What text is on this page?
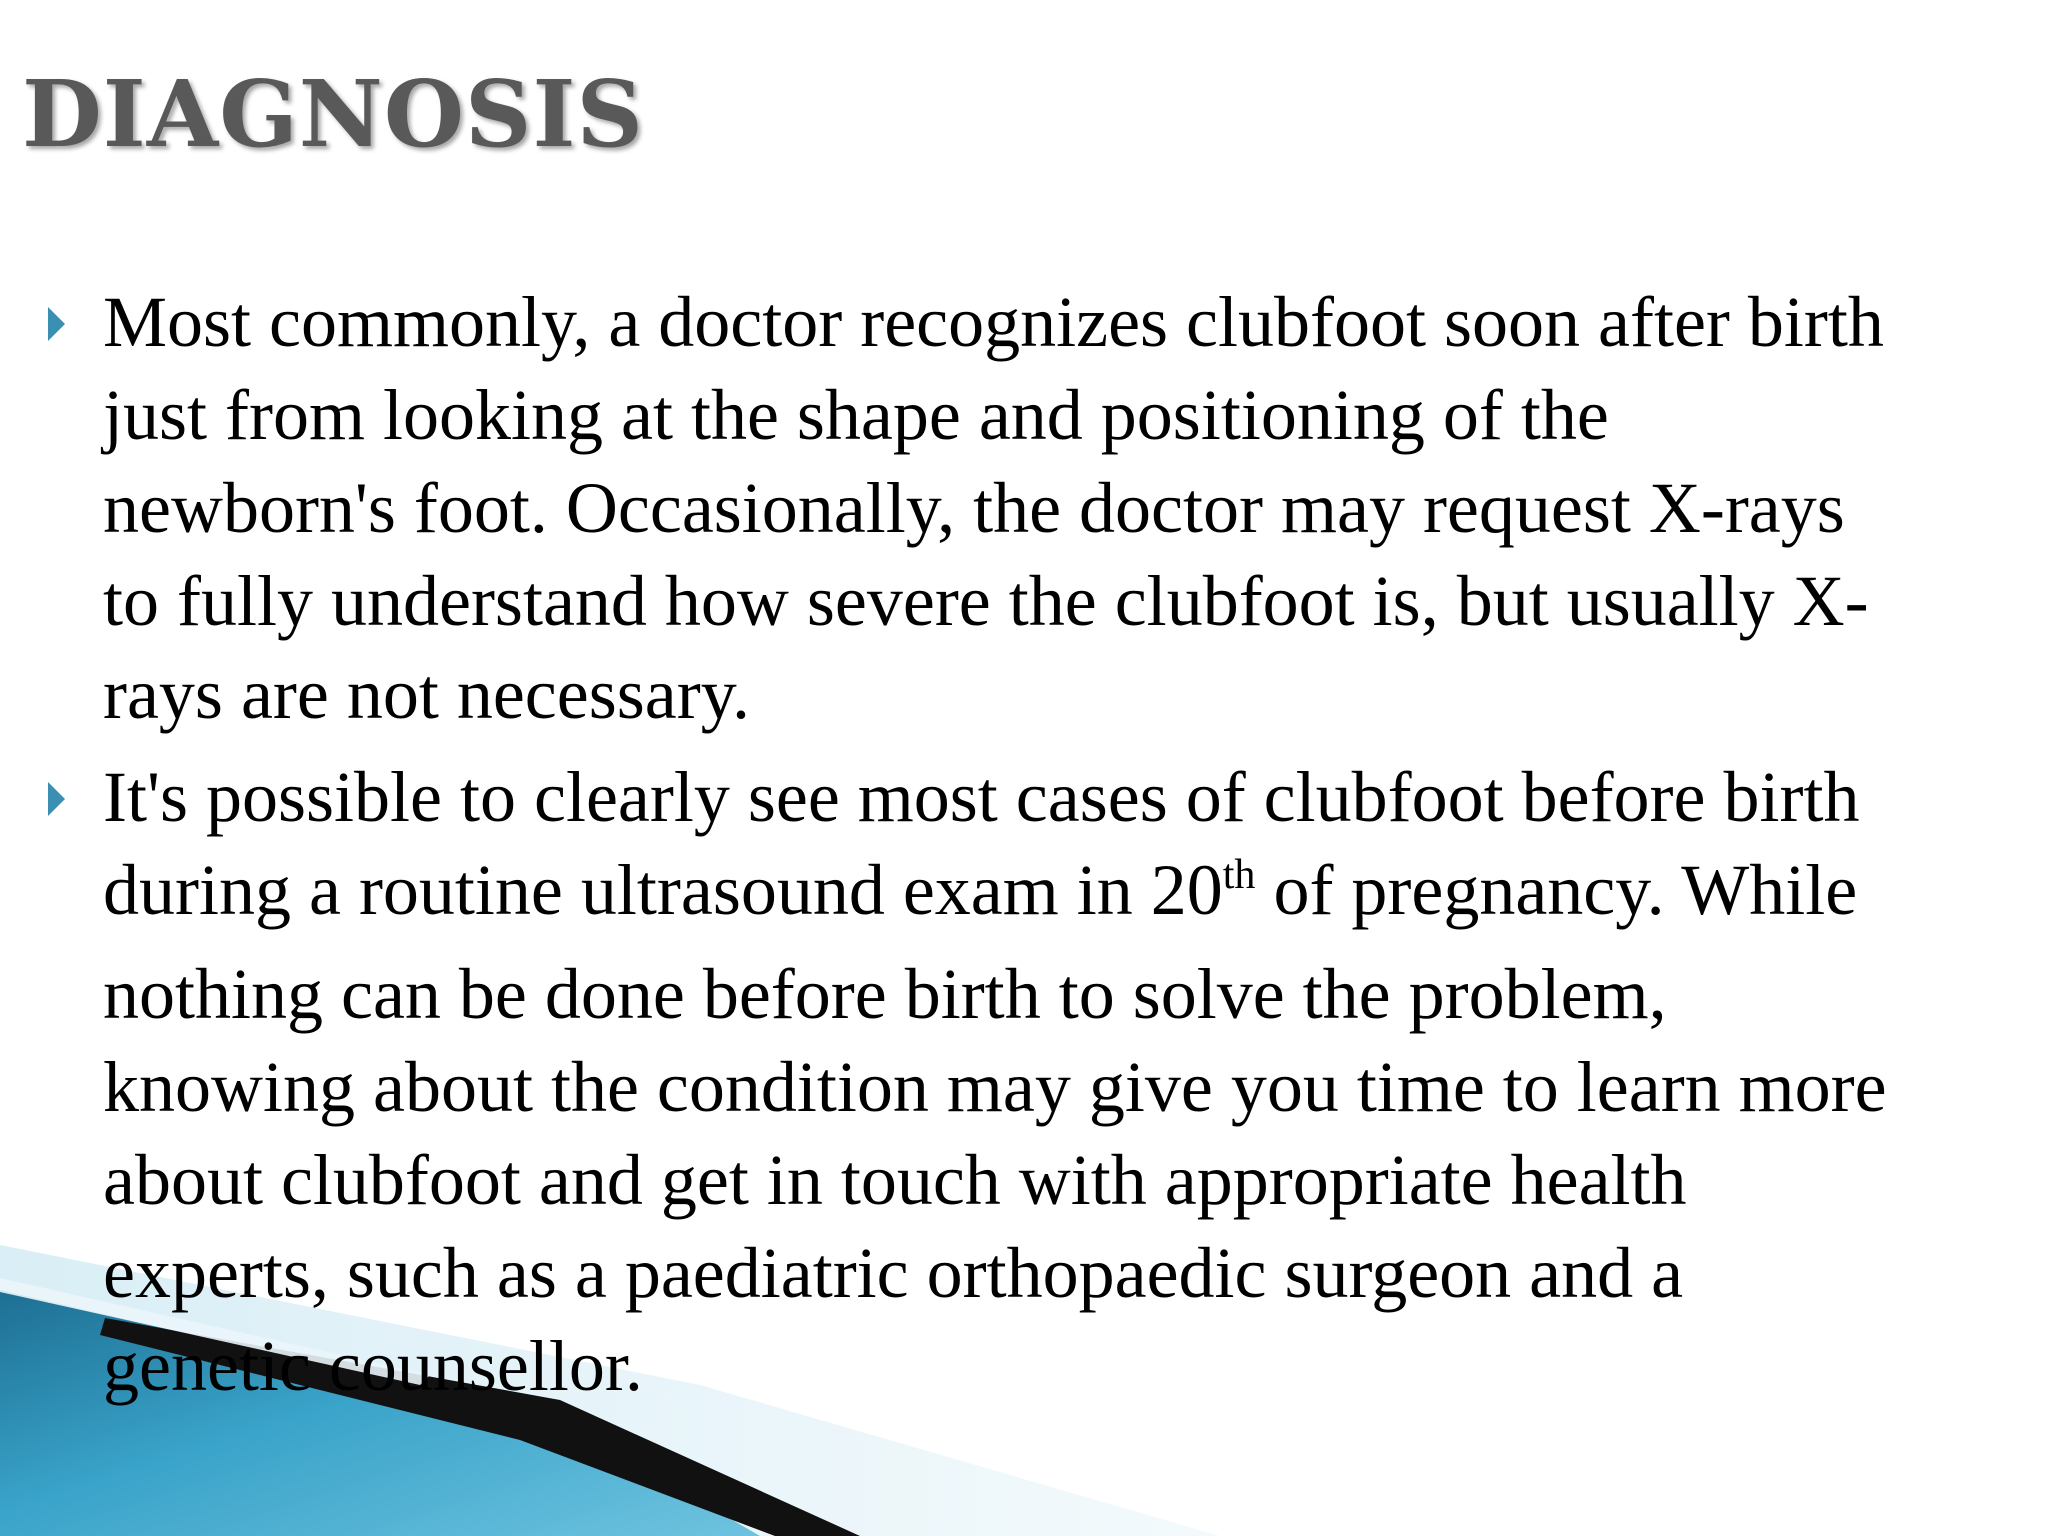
DIAGNOSIS
Most commonly, a doctor recognizes clubfoot soon after birth
just from looking at the shape and positioning of the
newborn's foot. Occasionally, the doctor may request X-rays
to fully understand how severe the clubfoot is, but usually X-
rays are not necessary.
It's possible to clearly see most cases of clubfoot before birth
during a routine ultrasound exam in 20th of pregnancy. While
nothing can be done before birth to solve the problem,
knowing about the condition may give you time to learn more
about clubfoot and get in touch with appropriate health
experts, such as a paediatric orthopaedic surgeon and a
genetic counsellor.
